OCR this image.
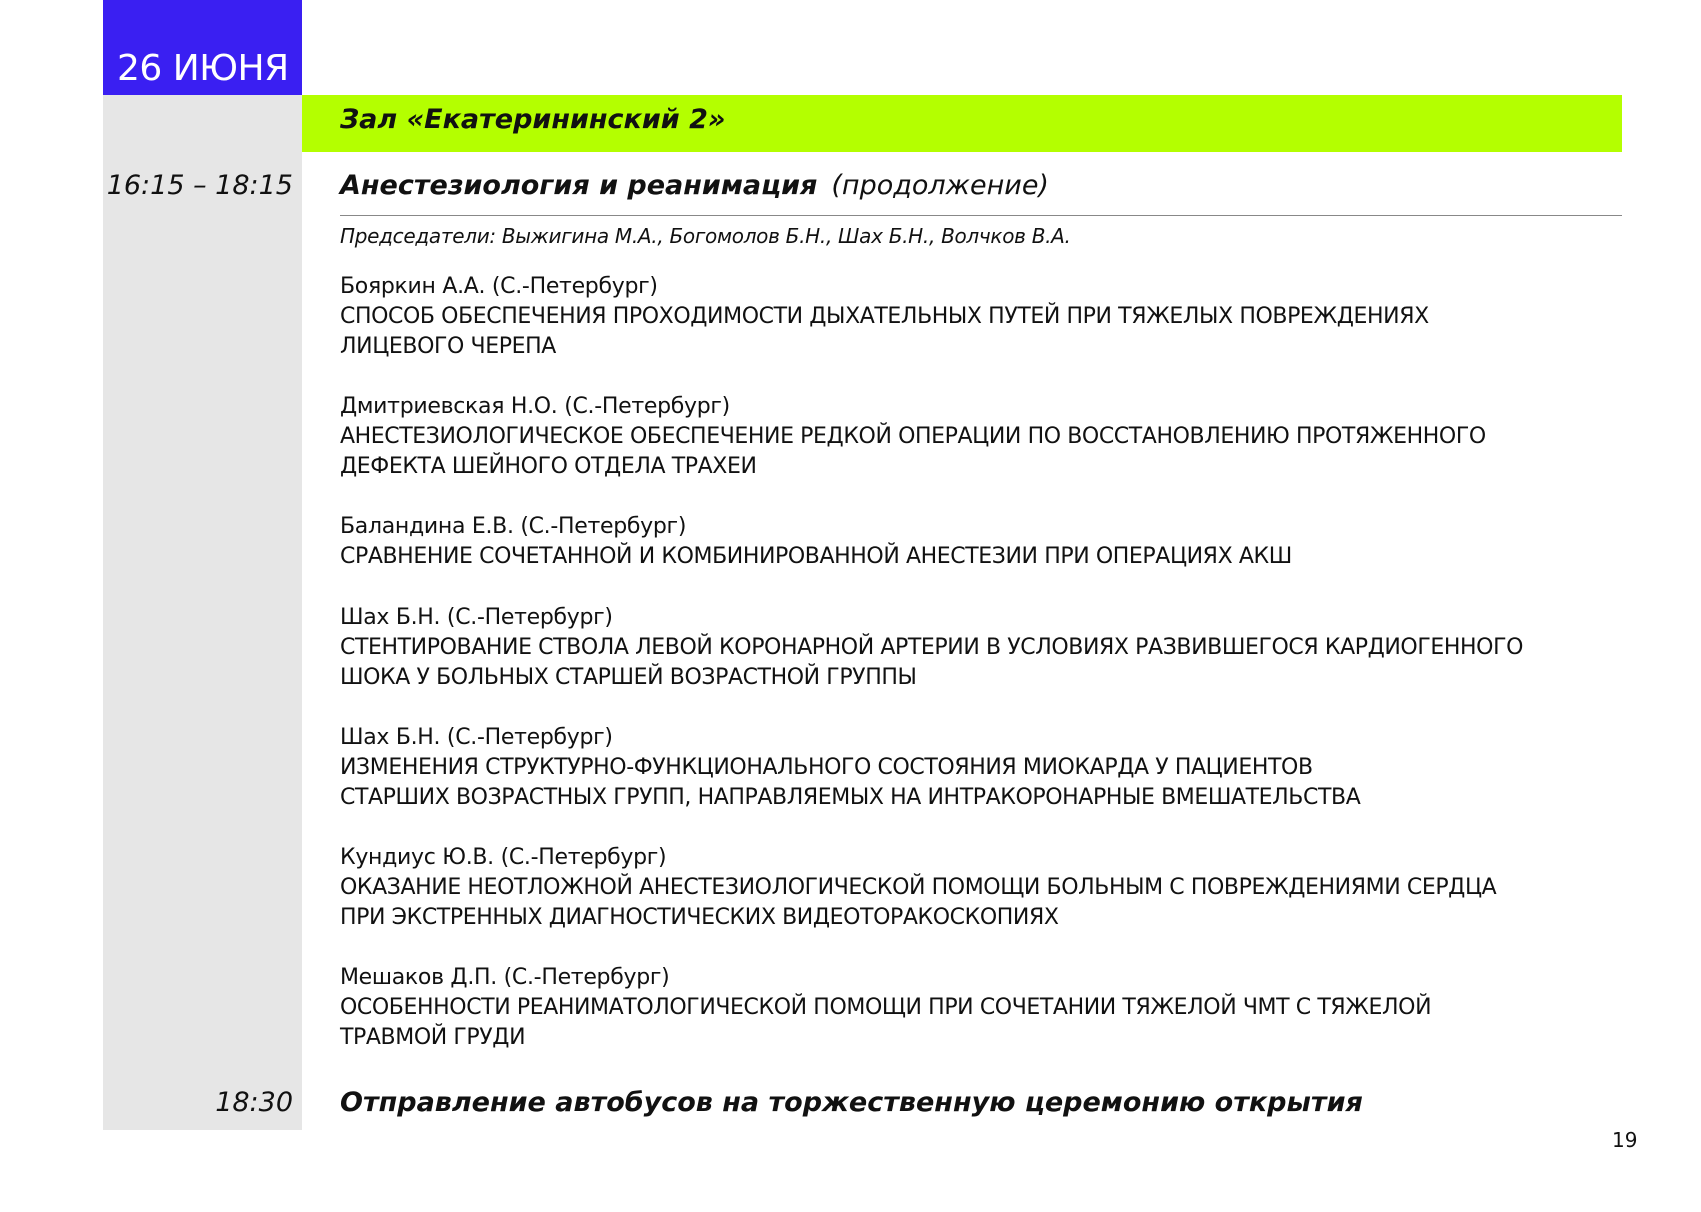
26 ИЮНЯ
Зал «Екатерининский 2»
16:15 – 18:15 Анестезиология и реанимация (продолжение)
Председатели: Выжигина М.А., Богомолов Б.Н., Шах Б.Н., Волчков В.А.
Бояркин А.А. (С.-Петербург)
СПОСОБ ОБЕСПЕЧЕНИЯ ПРОХОДИМОСТИ ДЫХАТЕЛЬНЫХ ПУТЕЙ ПРИ ТЯЖЕЛЫХ ПОВРЕЖДЕНИЯХ
ЛИЦЕВОГО ЧЕРЕПА
Дмитриевская Н.О. (С.-Петербург)
АНЕСТЕЗИОЛОГИЧЕСКОЕ ОБЕСПЕЧЕНИЕ РЕДКОЙ ОПЕРАЦИИ ПО ВОССТАНОВЛЕНИЮ ПРОТЯЖЕННОГО
ДЕФЕКТА ШЕЙНОГО ОТДЕЛА ТРАХЕИ
Баландина Е.В. (С.-Петербург)
СРАВНЕНИЕ СОЧЕТАННОЙ И КОМБИНИРОВАННОЙ АНЕСТЕЗИИ ПРИ ОПЕРАЦИЯХ АКШ
Шах Б.Н. (С.-Петербург)
СТЕНТИРОВАНИЕ СТВОЛА ЛЕВОЙ КОРОНАРНОЙ АРТЕРИИ В УСЛОВИЯХ РАЗВИВШЕГОСЯ КАРДИОГЕННОГО
ШОКА У БОЛЬНЫХ СТАРШЕЙ ВОЗРАСТНОЙ ГРУППЫ
Шах Б.Н. (С.-Петербург)
ИЗМЕНЕНИЯ СТРУКТУРНО-ФУНКЦИОНАЛЬНОГО СОСТОЯНИЯ МИОКАРДА У ПАЦИЕНТОВ
СТАРШИХ ВОЗРАСТНЫХ ГРУПП, НАПРАВЛЯЕМЫХ НА ИНТРАКОРОНАРНЫЕ ВМЕШАТЕЛЬСТВА
Кундиус Ю.В. (С.-Петербург)
ОКАЗАНИЕ НЕОТЛОЖНОЙ АНЕСТЕЗИОЛОГИЧЕСКОЙ ПОМОЩИ БОЛЬНЫМ С ПОВРЕЖДЕНИЯМИ СЕРДЦА
ПРИ ЭКСТРЕННЫХ ДИАГНОСТИЧЕСКИХ ВИДЕОТОРАКОСКОПИЯХ
Мешаков Д.П. (С.-Петербург)
ОСОБЕННОСТИ РЕАНИМАТОЛОГИЧЕСКОЙ ПОМОЩИ ПРИ СОЧЕТАНИИ ТЯЖЕЛОЙ ЧМТ С ТЯЖЕЛОЙ
ТРАВМОЙ ГРУДИ
18:30 Отправление автобусов на торжественную церемонию открытия
19
